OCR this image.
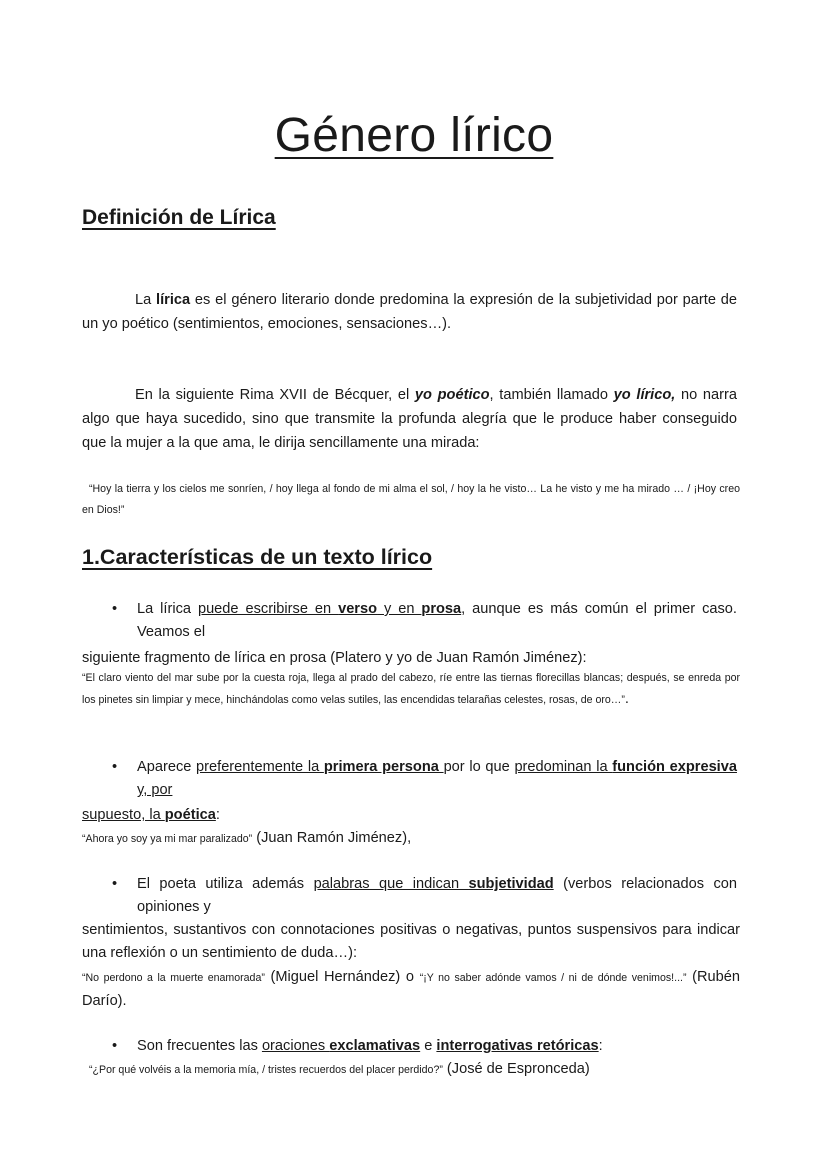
Género lírico
Definición de Lírica

La lírica es el género literario donde predomina la expresión de la subjetividad por parte de un yo poético (sentimientos, emociones, sensaciones…).

En la siguiente Rima XVII de Bécquer, el yo poético, también llamado yo lírico, no narra algo que haya sucedido, sino que transmite la profunda alegría que le produce haber conseguido que la mujer a la que ama, le dirija sencillamente una mirada:

“Hoy la tierra y los cielos me sonríen, / hoy llega al fondo de mi alma el sol, / hoy la he visto… La he visto y me ha mirado … / ¡Hoy creo en Dios!”
1.Características de un texto lírico
•	La lírica puede escribirse en verso y en prosa, aunque es más común el primer caso. Veamos el
siguiente fragmento de lírica en prosa (Platero y yo de Juan Ramón Jiménez):
“El claro viento del mar sube por la cuesta roja, llega al prado del cabezo, ríe entre las tiernas florecillas blancas; después, se enreda por los pinetes sin limpiar y mece, hinchándolas como velas sutiles, las encendidas telarañas celestes, rosas, de oro…”.
•	Aparece preferentemente la primera persona por lo que predominan la función expresiva y, por
supuesto, la poética:
“Ahora yo soy ya mi mar paralizado” (Juan Ramón Jiménez),
•	El poeta utiliza además palabras que indican subjetividad (verbos relacionados con opiniones y
sentimientos, sustantivos con connotaciones positivas o negativas, puntos suspensivos para indicar una reflexión o un sentimiento de duda…):
“No perdono a la muerte enamorada” (Miguel Hernández) o “¡Y no saber adónde vamos / ni de dónde venimos!...” (Rubén Darío).
•	Son frecuentes las oraciones exclamativas e interrogativas retóricas:
“¿Por qué volvéis a la memoria mía, / tristes recuerdos del placer perdido?” (José de Espronceda)
